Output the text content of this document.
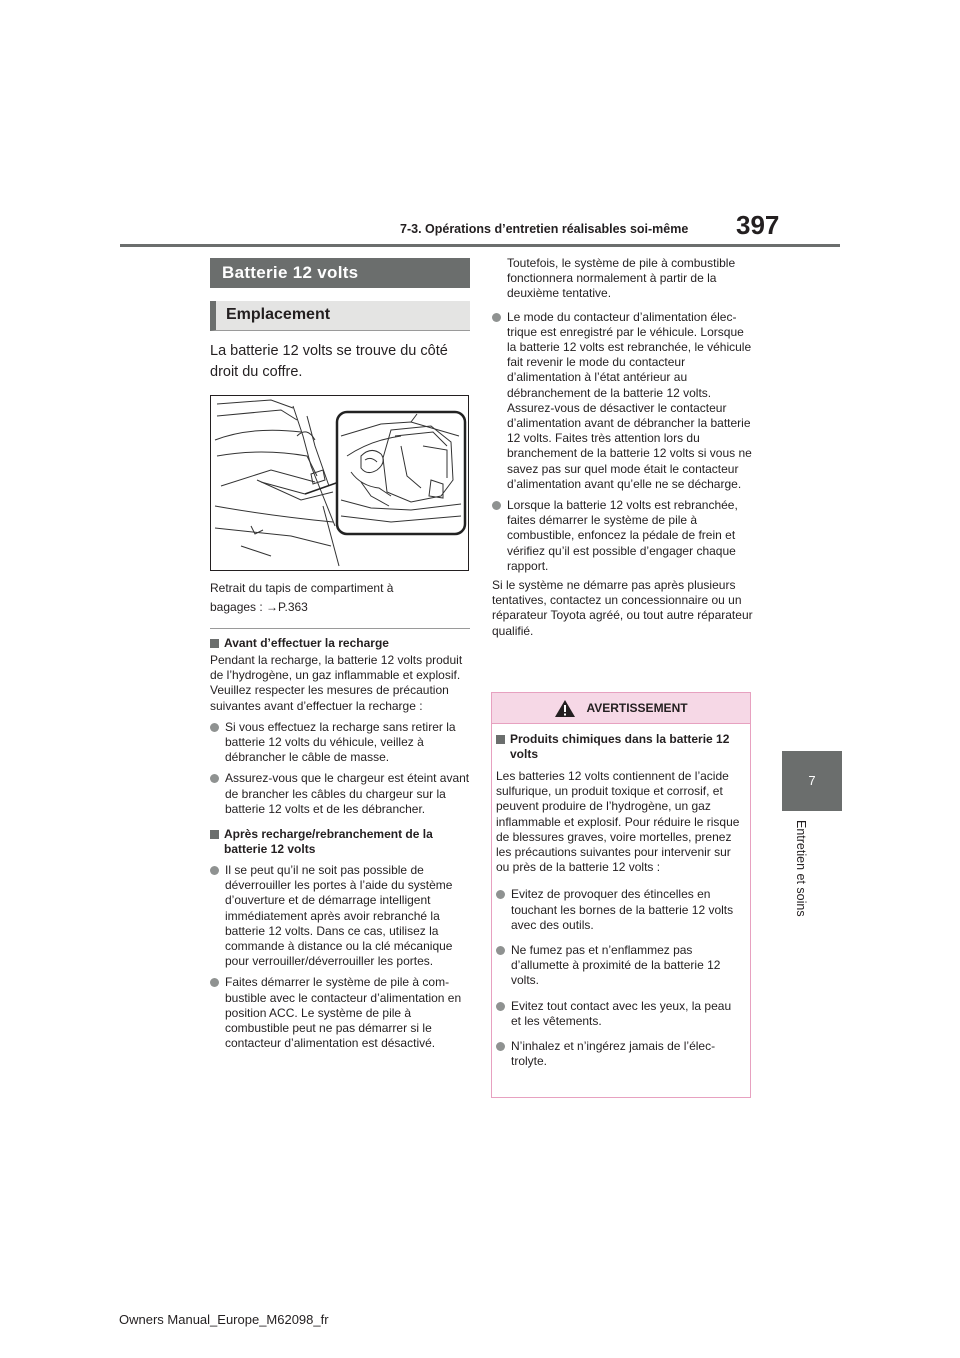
397
7-3. Opérations d’entretien réalisables soi-même
7
Entretien et soins
Batterie 12 volts
Emplacement
La batterie 12 volts se trouve du côté droit du coffre.
Retrait du tapis de compartiment à
bagages : →P.363
Avant d’effectuer la recharge
Pendant la recharge, la batterie 12 volts produit de l’hydrogène, un gaz inflammable et explosif. Veuillez respecter les mesures de précaution suivantes avant d’effectuer la recharge :
Si vous effectuez la recharge sans retirer la batterie 12 volts du véhicule, veillez à débrancher le câble de masse.
Assurez-vous que le chargeur est éteint avant de brancher les câbles du chargeur sur la batterie 12 volts et de les débrancher.
Après recharge/rebranchement de la batterie 12 volts
Il se peut qu’il ne soit pas possible de déverrouiller les portes à l’aide du système d’ouverture et de démarrage intelligent immédiatement après avoir rebranché la batterie 12 volts. Dans ce cas, utilisez la commande à distance ou la clé mécanique pour verrouiller/déverrouiller les portes.
Faites démarrer le système de pile à combustible avec le contacteur d’alimentation en position ACC. Le système de pile à combustible peut ne pas démarrer si le contacteur d’alimentation est désactivé.
Toutefois, le système de pile à combustible fonctionnera normalement à partir de la deuxième tentative.
Le mode du contacteur d’alimentation électrique est enregistré par le véhicule. Lorsque la batterie 12 volts est rebranchée, le véhicule fait revenir le mode du contacteur d’alimentation à l’état antérieur au débranchement de la batterie 12 volts. Assurez-vous de désactiver le contacteur d’alimentation avant de débrancher la batterie 12 volts. Faites très attention lors du branchement de la batterie 12 volts si vous ne savez pas sur quel mode était le contacteur d’alimentation avant qu’elle ne se décharge.
Lorsque la batterie 12 volts est rebranchée, faites démarrer le système de pile à combustible, enfoncez la pédale de frein et vérifiez qu’il est possible d’engager chaque rapport.
Si le système ne démarre pas après plusieurs tentatives, contactez un concessionnaire ou un réparateur Toyota agréé, ou tout autre réparateur qualifié.
AVERTISSEMENT
Produits chimiques dans la batterie 12 volts
Les batteries 12 volts contiennent de l’acide sulfurique, un produit toxique et corrosif, et peuvent produire de l’hydrogène, un gaz inflammable et explosif. Pour réduire le risque de blessures graves, voire mortelles, prenez les précautions suivantes pour intervenir sur ou près de la batterie 12 volts :
Evitez de provoquer des étincelles en touchant les bornes de la batterie 12 volts avec des outils.
Ne fumez pas et n’enflammez pas d’allumette à proximité de la batterie 12 volts.
Evitez tout contact avec les yeux, la peau et les vêtements.
N’inhalez et n’ingérez jamais de l’électrolyte.
Owners Manual_Europe_M62098_fr
